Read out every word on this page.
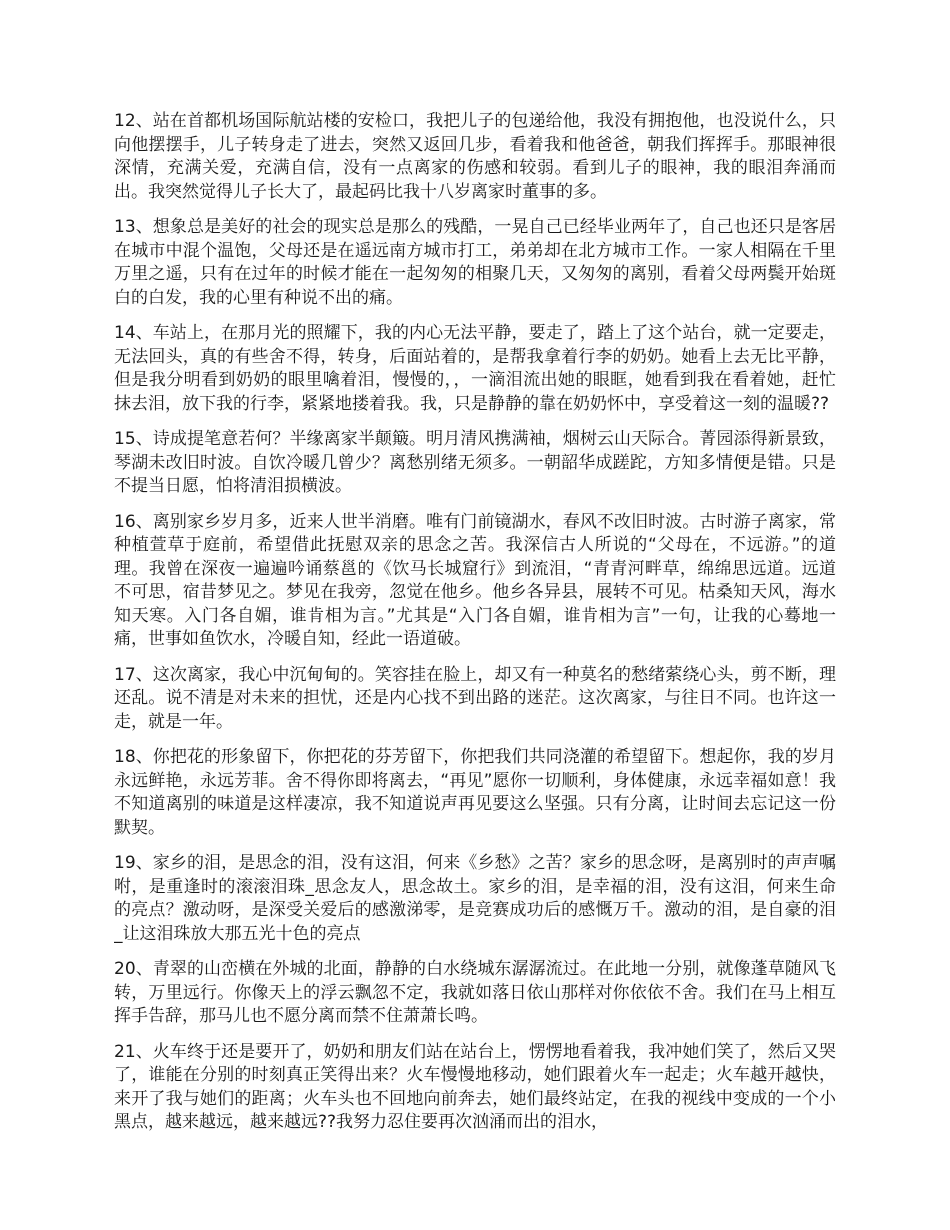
12、站在首都机场国际航站楼的安检口，我把儿子的包递给他，我没有拥抱他，也没说什么，只向他摆摆手，儿子转身走了进去，突然又返回几步，看着我和他爸爸，朝我们挥挥手。那眼神很深情，充满关爱，充满自信，没有一点离家的伤感和较弱。看到儿子的眼神，我的眼泪奔涌而出。我突然觉得儿子长大了，最起码比我十八岁离家时董事的多。

13、想象总是美好的社会的现实总是那么的残酷，一晃自己已经毕业两年了，自己也还只是客居在城市中混个温饱，父母还是在遥远南方城市打工，弟弟却在北方城市工作。一家人相隔在千里万里之遥，只有在过年的时候才能在一起匆匆的相聚几天，又匆匆的离别，看着父母两鬓开始斑白的白发，我的心里有种说不出的痛。

14、车站上，在那月光的照耀下，我的内心无法平静，要走了，踏上了这个站台，就一定要走，无法回头，真的有些舍不得，转身，后面站着的，是帮我拿着行李的奶奶。她看上去无比平静，但是我分明看到奶奶的眼里噙着泪，慢慢的，，一滴泪流出她的眼眶，她看到我在看着她，赶忙抹去泪，放下我的行李，紧紧地搂着我。我，只是静静的靠在奶奶怀中，享受着这一刻的温暖??

15、诗成提笔意若何？半缘离家半颠簸。明月清风携满袖，烟树云山天际合。菁园添得新景致，琴湖未改旧时波。自饮冷暖几曾少？离愁别绪无须多。一朝韶华成蹉跎，方知多情便是错。只是不提当日愿，怕将清泪损横波。

16、离别家乡岁月多，近来人世半消磨。唯有门前镜湖水，春风不改旧时波。古时游子离家，常种植萱草于庭前，希望借此抚慰双亲的思念之苦。我深信古人所说的“父母在，不远游。”的道理。我曾在深夜一遍遍吟诵蔡邕的《饮马长城窟行》到流泪，“青青河畔草，绵绵思远道。远道不可思，宿昔梦见之。梦见在我旁，忽觉在他乡。他乡各异县，展转不可见。枯桑知天风，海水知天寒。入门各自媚，谁肯相为言。”尤其是“入门各自媚，谁肯相为言”一句，让我的心蓦地一痛，世事如鱼饮水，冷暖自知，经此一语道破。

17、这次离家，我心中沉甸甸的。笑容挂在脸上，却又有一种莫名的愁绪萦绕心头，剪不断，理还乱。说不清是对未来的担忧，还是内心找不到出路的迷茫。这次离家，与往日不同。也许这一走，就是一年。

18、你把花的形象留下，你把花的芬芳留下，你把我们共同浇灌的希望留下。想起你，我的岁月永远鲜艳，永远芳菲。舍不得你即将离去，“再见”愿你一切顺利，身体健康，永远幸福如意！我不知道离别的味道是这样凄凉，我不知道说声再见要这么坚强。只有分离，让时间去忘记这一份默契。

19、家乡的泪，是思念的泪，没有这泪，何来《乡愁》之苦？家乡的思念呀，是离别时的声声嘱咐，是重逢时的滚滚泪珠_思念友人，思念故土。家乡的泪，是幸福的泪，没有这泪，何来生命的亮点？激动呀，是深受关爱后的感激涕零，是竞赛成功后的感慨万千。激动的泪，是自豪的泪_让这泪珠放大那五光十色的亮点

20、青翠的山峦横在外城的北面，静静的白水绕城东潺潺流过。在此地一分别，就像蓬草随风飞转，万里远行。你像天上的浮云飘忽不定，我就如落日依山那样对你依依不舍。我们在马上相互挥手告辞，那马儿也不愿分离而禁不住萧萧长鸣。

21、火车终于还是要开了，奶奶和朋友们站在站台上，愣愣地看着我，我冲她们笑了，然后又哭了，谁能在分别的时刻真正笑得出来？火车慢慢地移动，她们跟着火车一起走；火车越开越快，来开了我与她们的距离；火车头也不回地向前奔去，她们最终站定，在我的视线中变成的一个小黑点，越来越远，越来越远??我努力忍住要再次汹涌而出的泪水，
